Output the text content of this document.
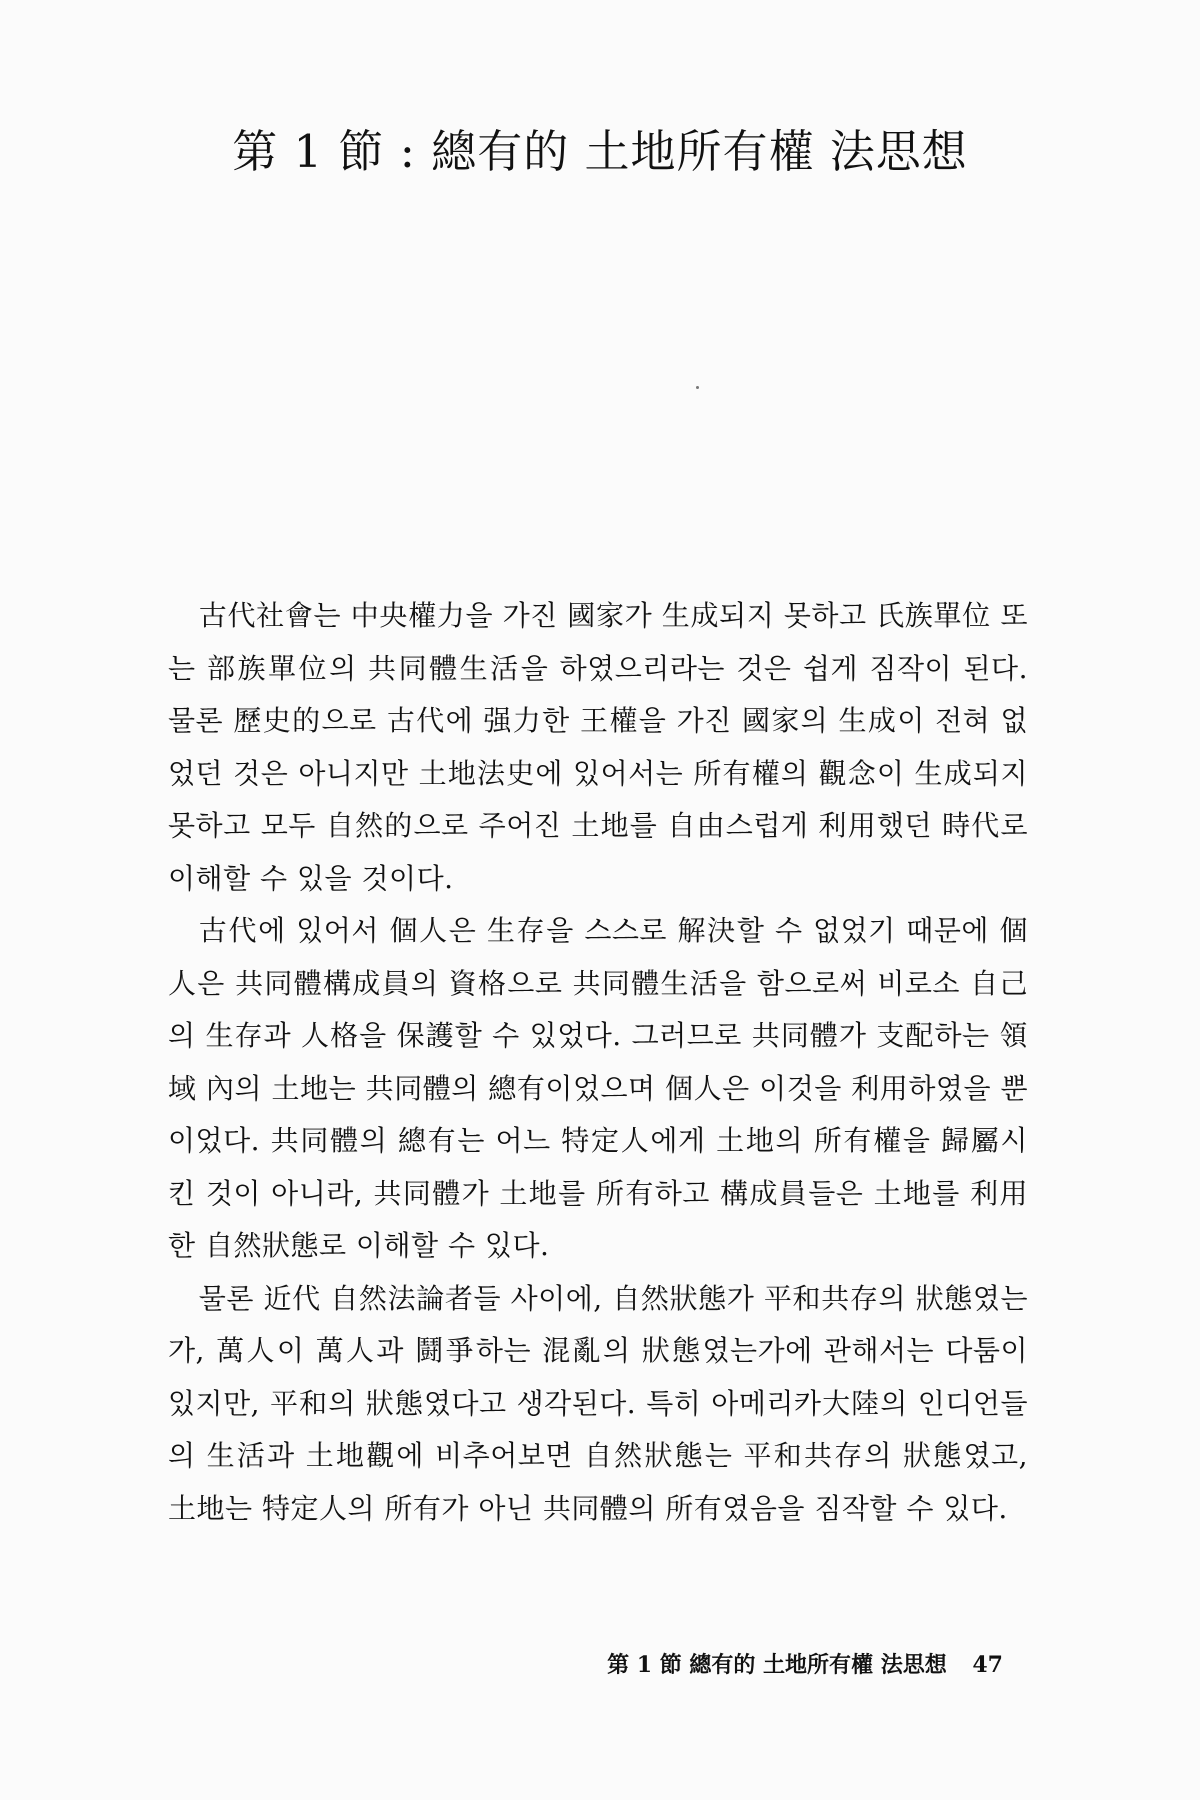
第 1 節 : 總有的 土地所有權 法思想

古代社會는 中央權力을 가진 國家가 生成되지 못하고 氏族單位 또는 部族單位의 共同體生活을 하였으리라는 것은 쉽게 짐작이 된다. 물론 歷史的으로 古代에 强力한 王權을 가진 國家의 生成이 전혀 없었던 것은 아니지만 土地法史에 있어서는 所有權의 觀念이 生成되지 못하고 모두 自然的으로 주어진 土地를 自由스럽게 利用했던 時代로 이해할 수 있을 것이다.

古代에 있어서 個人은 生存을 스스로 解決할 수 없었기 때문에 個人은 共同體構成員의 資格으로 共同體生活을 함으로써 비로소 自己의 生存과 人格을 保護할 수 있었다. 그러므로 共同體가 支配하는 領域 內의 土地는 共同體의 總有이었으며 個人은 이것을 利用하였을 뿐이었다. 共同體의 總有는 어느 特定人에게 土地의 所有權을 歸屬시킨 것이 아니라, 共同體가 土地를 所有하고 構成員들은 土地를 利用한 自然狀態로 이해할 수 있다.

물론 近代 自然法論者들 사이에, 自然狀態가 平和共存의 狀態였는가, 萬人이 萬人과 鬪爭하는 混亂의 狀態였는가에 관해서는 다툼이 있지만, 平和의 狀態였다고 생각된다. 특히 아메리카大陸의 인디언들의 生活과 土地觀에 비추어보면 自然狀態는 平和共存의 狀態였고, 土地는 特定人의 所有가 아닌 共同體의 所有였음을 짐작할 수 있다.

第 1 節 總有的 土地所有權 法思想 47
